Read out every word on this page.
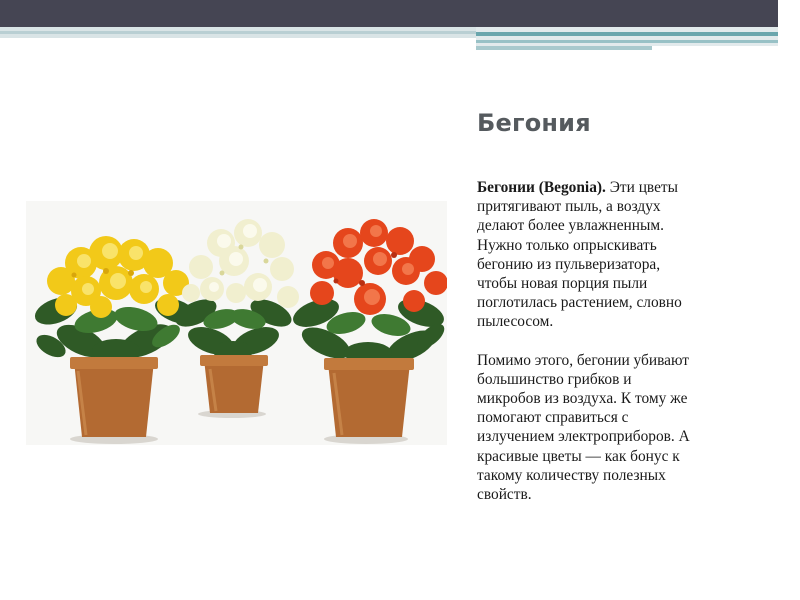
Бегония

Бегонии (Begonia). Эти цветы
притягивают пыль, а воздух
делают более увлажненным.
Нужно только опрыскивать
бегонию из пульверизатора,
чтобы новая порция пыли
поглотилась растением, словно
пылесосом.

Помимо этого, бегонии убивают
большинство грибков и
микробов из воздуха. К тому же
помогают справиться с
излучением электроприборов. А
красивые цветы — как бонус к
такому количеству полезных
свойств.
